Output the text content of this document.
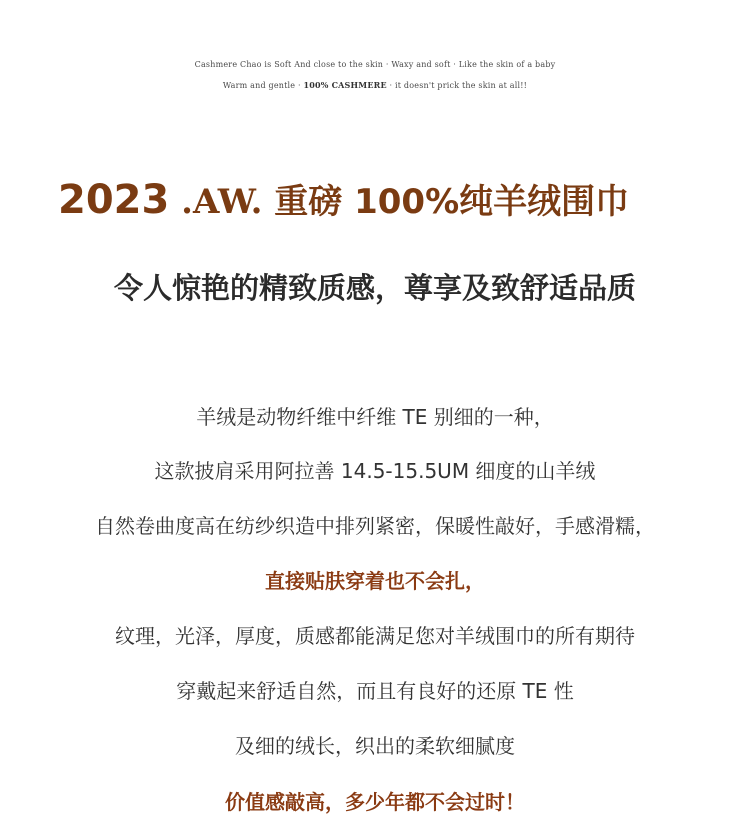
Cashmere Chao is Soft And close to the skin · Waxy and soft · Like the skin of a baby
Warm and gentle · 100% CASHMERE · it doesn't prick the skin at all!!
2023 .AW. 重磅 100%纯羊绒围巾
令人惊艳的精致质感，尊享及致舒适品质
羊绒是动物纤维中纤维 TE 别细的一种，
这款披肩采用阿拉善 14.5-15.5UM 细度的山羊绒
自然卷曲度高在纺纱织造中排列紧密，保暖性敲好，手感滑糯，
直接贴肤穿着也不会扎，
纹理，光泽，厚度，质感都能满足您对羊绒围巾的所有期待
穿戴起来舒适自然，而且有良好的还原 TE 性
及细的绒长，织出的柔软细腻度
价值感敲高，多少年都不会过时！
